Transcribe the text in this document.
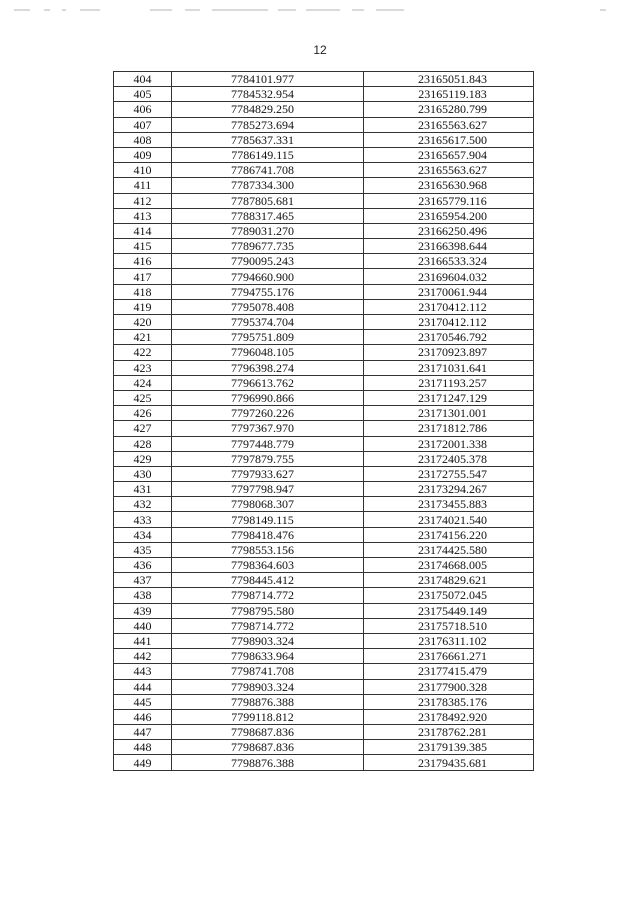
12
404	7784101.977	23165051.843
405	7784532.954	23165119.183
406	7784829.250	23165280.799
407	7785273.694	23165563.627
408	7785637.331	23165617.500
409	7786149.115	23165657.904
410	7786741.708	23165563.627
411	7787334.300	23165630.968
412	7787805.681	23165779.116
413	7788317.465	23165954.200
414	7789031.270	23166250.496
415	7789677.735	23166398.644
416	7790095.243	23166533.324
417	7794660.900	23169604.032
418	7794755.176	23170061.944
419	7795078.408	23170412.112
420	7795374.704	23170412.112
421	7795751.809	23170546.792
422	7796048.105	23170923.897
423	7796398.274	23171031.641
424	7796613.762	23171193.257
425	7796990.866	23171247.129
426	7797260.226	23171301.001
427	7797367.970	23171812.786
428	7797448.779	23172001.338
429	7797879.755	23172405.378
430	7797933.627	23172755.547
431	7797798.947	23173294.267
432	7798068.307	23173455.883
433	7798149.115	23174021.540
434	7798418.476	23174156.220
435	7798553.156	23174425.580
436	7798364.603	23174668.005
437	7798445.412	23174829.621
438	7798714.772	23175072.045
439	7798795.580	23175449.149
440	7798714.772	23175718.510
441	7798903.324	23176311.102
442	7798633.964	23176661.271
443	7798741.708	23177415.479
444	7798903.324	23177900.328
445	7798876.388	23178385.176
446	7799118.812	23178492.920
447	7798687.836	23178762.281
448	7798687.836	23179139.385
449	7798876.388	23179435.681
